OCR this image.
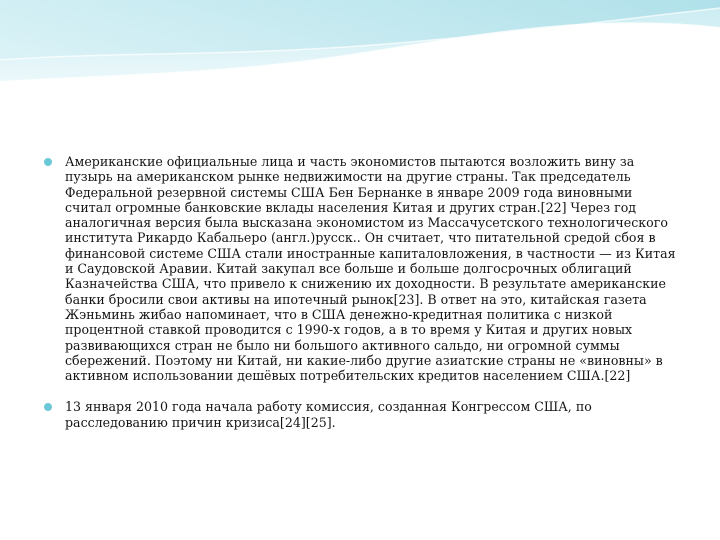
Американские официальные лица и часть экономистов пытаются возложить вину за пузырь на американском рынке недвижимости на другие страны. Так председатель Федеральной резервной системы США Бен Бернанке в январе 2009 года виновными считал огромные банковские вклады населения Китая и других стран.[22] Через год аналогичная версия была высказана экономистом из Массачусетского технологического института Рикардо Кабальеро (англ.)русск.. Он считает, что питательной средой сбоя в финансовой системе США стали иностранные капиталовложения, в частности — из Китая и Саудовской Аравии. Китай закупал все больше и больше долгосрочных облигаций Казначейства США, что привело к снижению их доходности. В результате американские банки бросили свои активы на ипотечный рынок[23]. В ответ на это, китайская газета Жэньминь жибао напоминает, что в США денежно-кредитная политика с низкой процентной ставкой проводится с 1990-х годов, а в то время у Китая и других новых развивающихся стран не было ни большого активного сальдо, ни огромной суммы сбережений. Поэтому ни Китай, ни какие-либо другие азиатские страны не «виновны» в активном использовании дешёвых потребительских кредитов населением США.[22]

13 января 2010 года начала работу комиссия, созданная Конгрессом США, по расследованию причин кризиса[24][25].
